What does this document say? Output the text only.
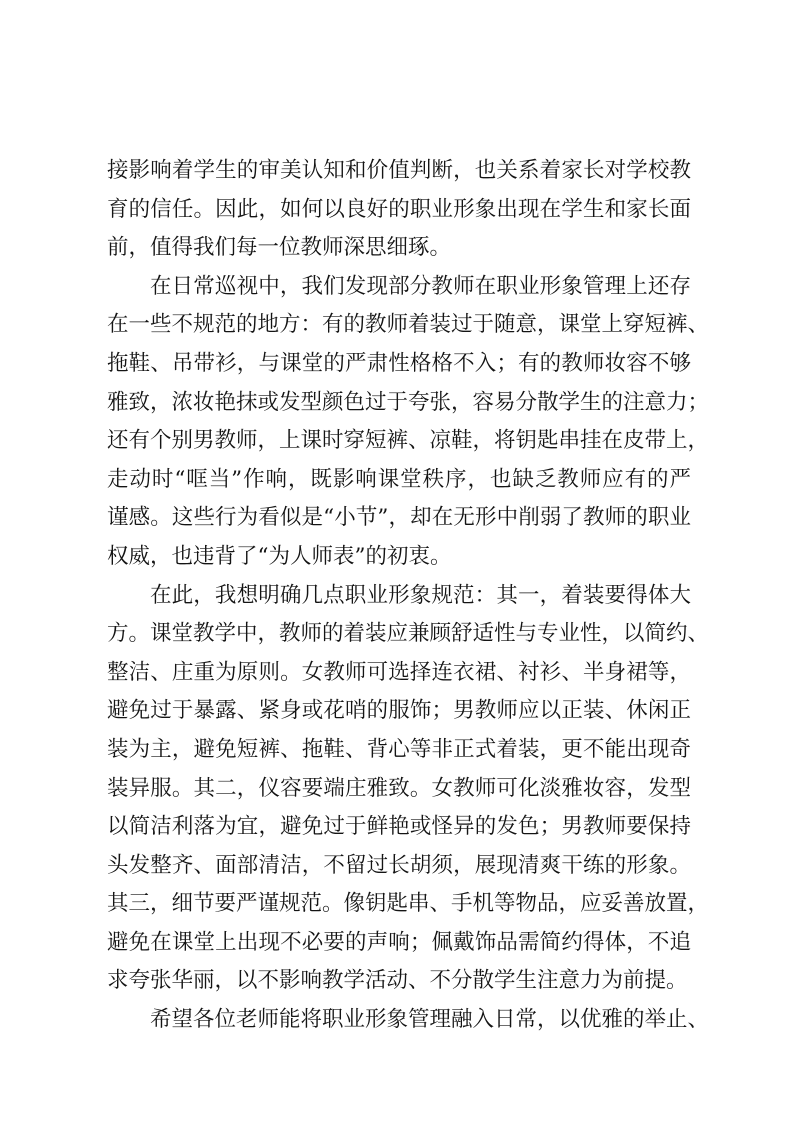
接影响着学生的审美认知和价值判断，也关系着家长对学校教
育的信任。因此，如何以良好的职业形象出现在学生和家长面
前，值得我们每一位教师深思细琢。
在日常巡视中，我们发现部分教师在职业形象管理上还存
在一些不规范的地方：有的教师着装过于随意，课堂上穿短裤、
拖鞋、吊带衫，与课堂的严肃性格格不入；有的教师妆容不够
雅致，浓妆艳抹或发型颜色过于夸张，容易分散学生的注意力；
还有个别男教师，上课时穿短裤、凉鞋，将钥匙串挂在皮带上，
走动时“哐当”作响，既影响课堂秩序，也缺乏教师应有的严
谨感。这些行为看似是“小节”，却在无形中削弱了教师的职业
权威，也违背了“为人师表”的初衷。
在此，我想明确几点职业形象规范：其一，着装要得体大
方。课堂教学中，教师的着装应兼顾舒适性与专业性，以简约、
整洁、庄重为原则。女教师可选择连衣裙、衬衫、半身裙等，
避免过于暴露、紧身或花哨的服饰；男教师应以正装、休闲正
装为主，避免短裤、拖鞋、背心等非正式着装，更不能出现奇
装异服。其二，仪容要端庄雅致。女教师可化淡雅妆容，发型
以简洁利落为宜，避免过于鲜艳或怪异的发色；男教师要保持
头发整齐、面部清洁，不留过长胡须，展现清爽干练的形象。
其三，细节要严谨规范。像钥匙串、手机等物品，应妥善放置，
避免在课堂上出现不必要的声响；佩戴饰品需简约得体，不追
求夸张华丽，以不影响教学活动、不分散学生注意力为前提。
希望各位老师能将职业形象管理融入日常，以优雅的举止、
